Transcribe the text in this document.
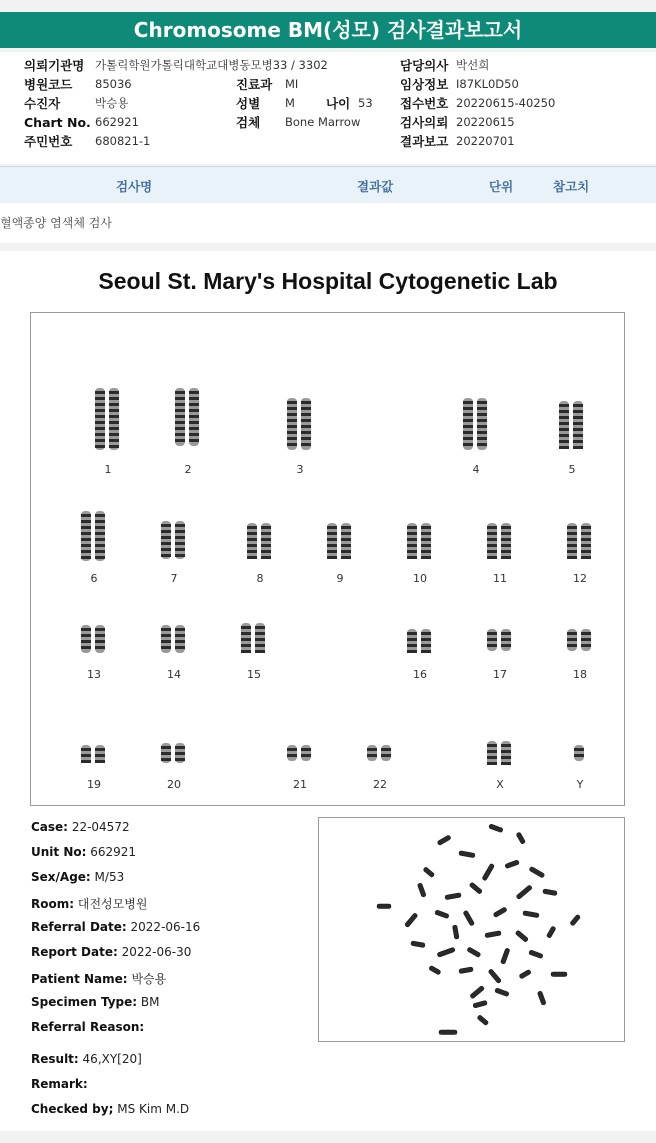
Chromosome BM(성모) 검사결과보고서
의뢰기관명 가톨릭학원가톨릭대학교대병동모병33 / 3302	담당의사 박선희
병원코드 85036	진료과 MI	임상정보 I87KL0D50
수진자	박승용	성별 M 나이 53 접수번호 20220615-40250
Chart No. 662921	검체 Bone Marrow	검사의뢰 20220615
주민번호 680821-1	결과보고 20220701
검사명	결과값	단위	참고치
혈액종양 염색체 검사
Seoul St. Mary's Hospital Cytogenetic Lab
1	2	3	4	5
6	7	8	9	10	11	12
13	14	15	16	17	18
19	20	21	22	X	Y
Case: 22-04572
Unit No: 662921
Sex/Age: M/53
Room: 대전성모병원
Referral Date: 2022-06-16
Report Date: 2022-06-30
Patient Name: 박승용
Specimen Type: BM
Referral Reason:
Result: 46,XY[20]
Remark:
Checked by; MS Kim M.D
